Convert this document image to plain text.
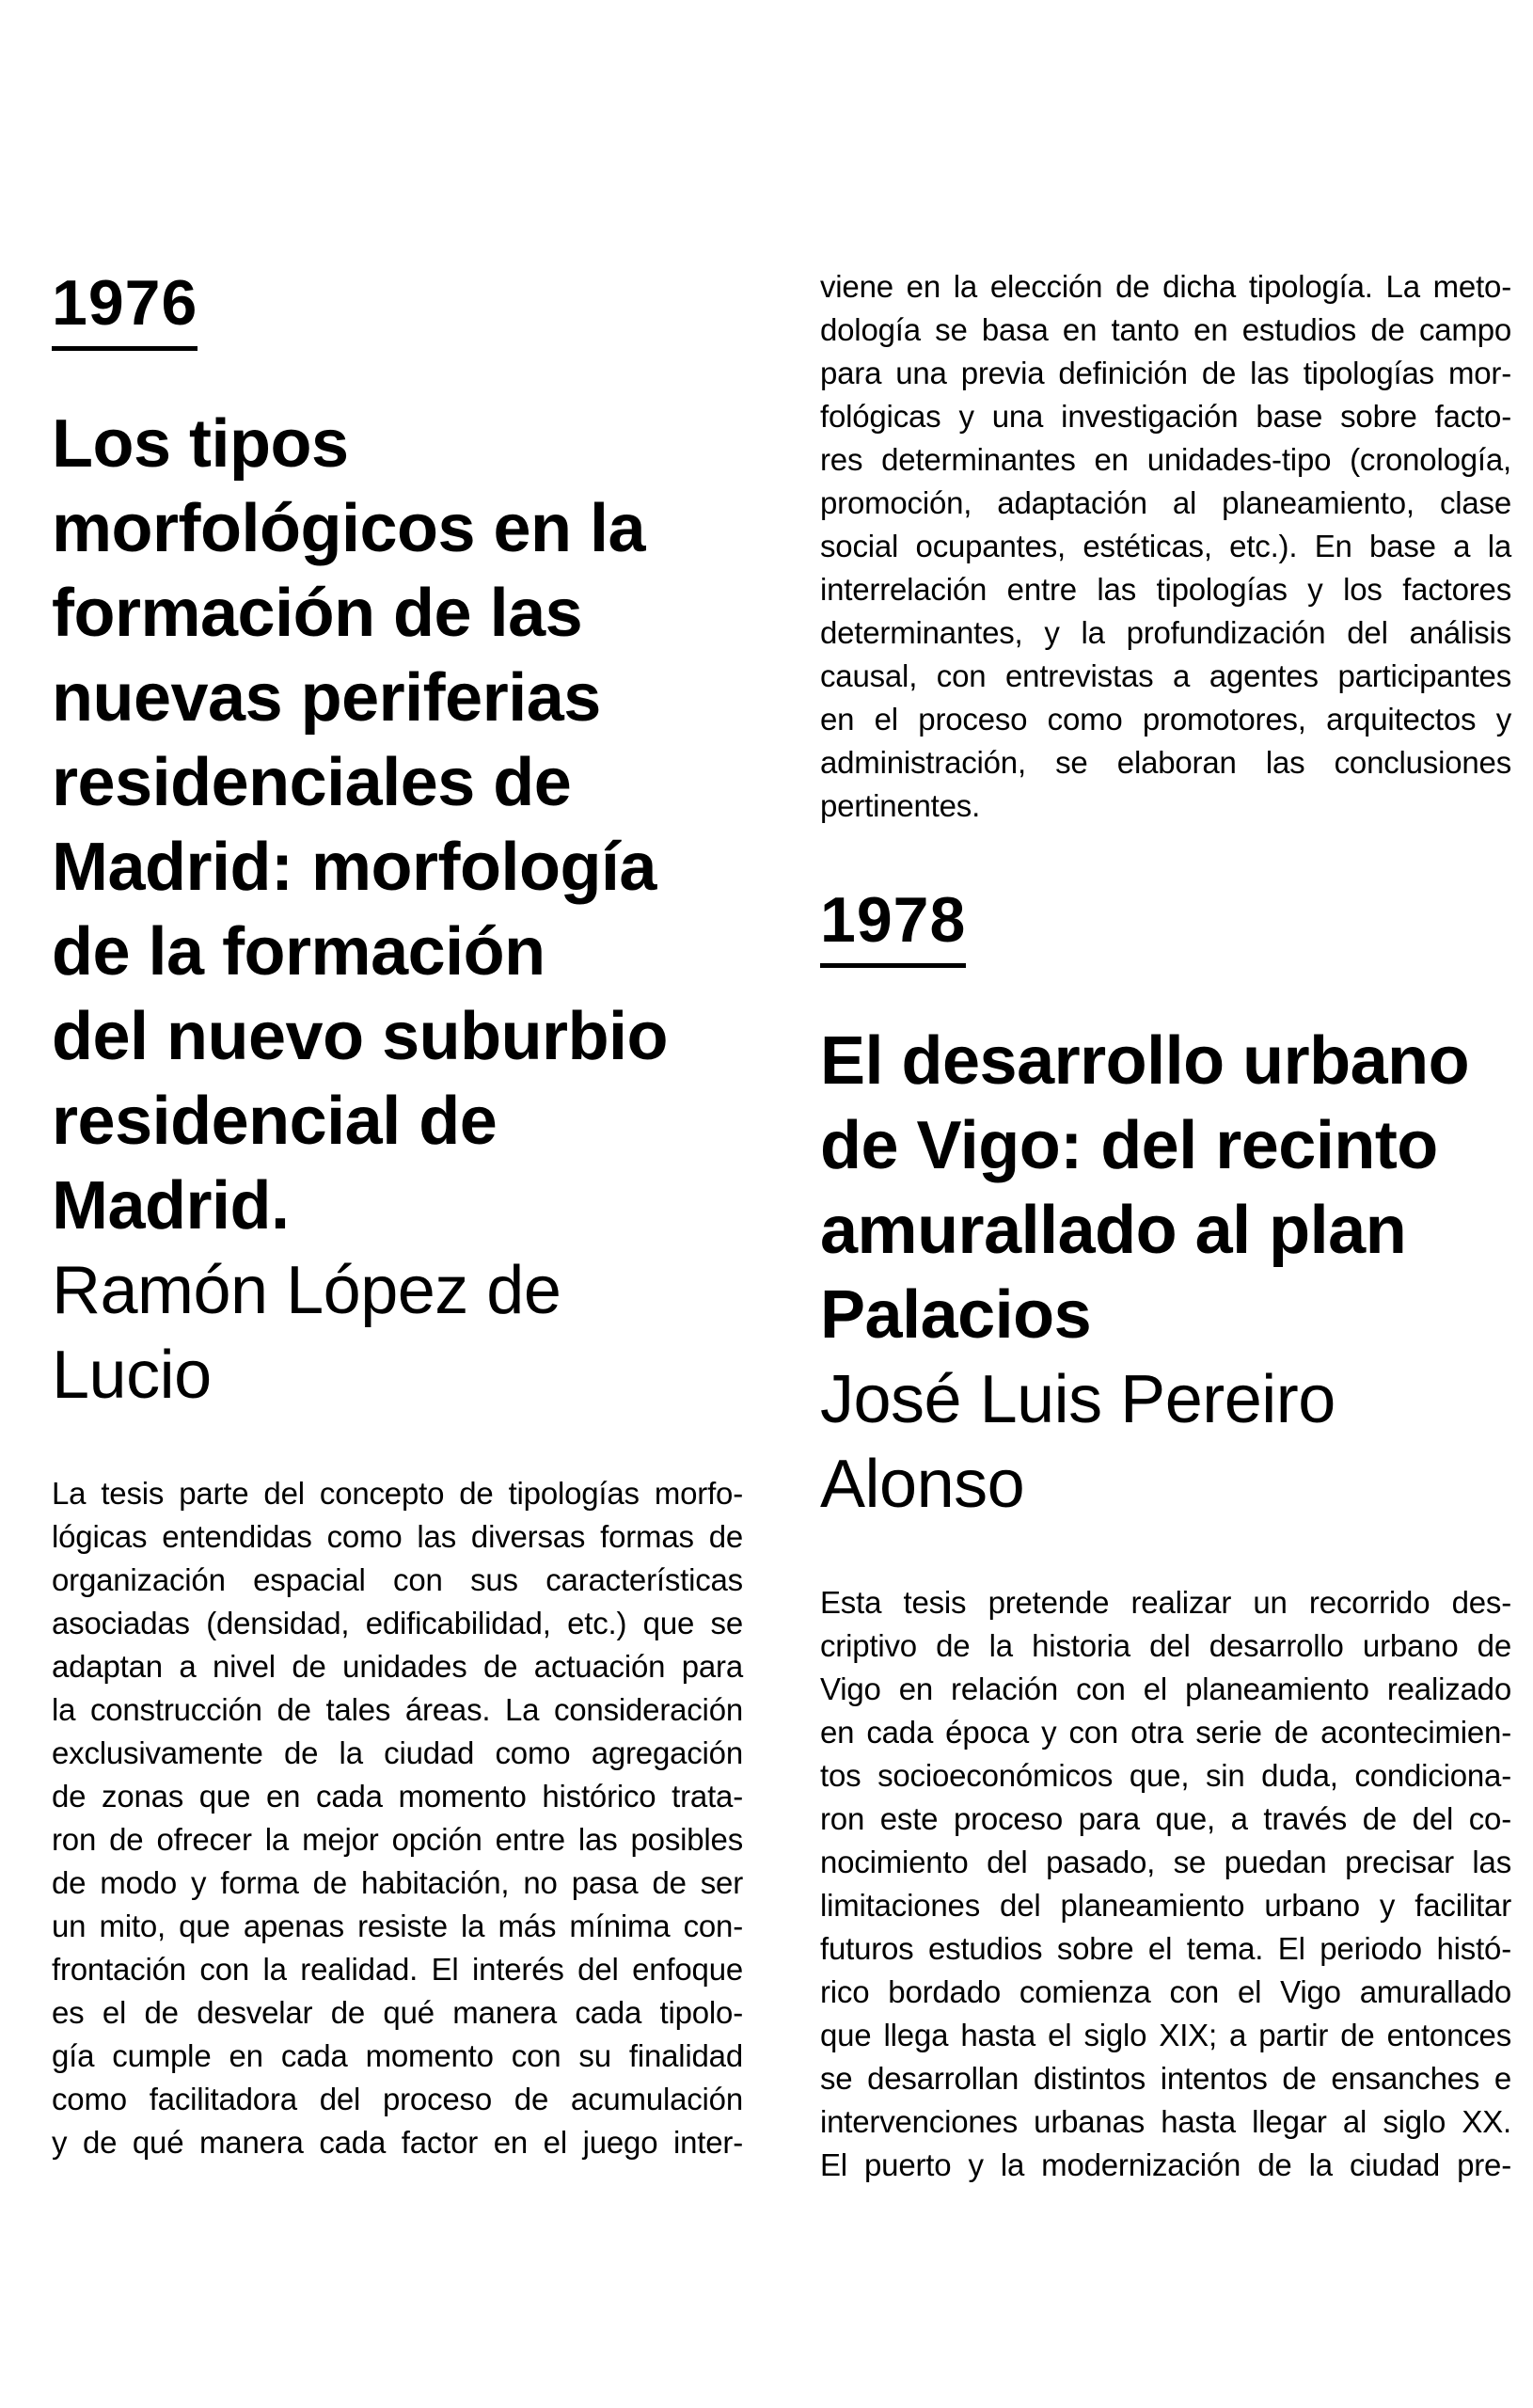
1976
Los tipos
morfológicos en la
formación de las
nuevas periferias
residenciales de
Madrid: morfología
de la formación
del nuevo suburbio
residencial de
Madrid.
Ramón López de
Lucio
La tesis parte del concepto de tipologías morfo-
lógicas entendidas como las diversas formas de
organización espacial con sus características
asociadas (densidad, edificabilidad, etc.) que se
adaptan a nivel de unidades de actuación para
la construcción de tales áreas. La consideración
exclusivamente de la ciudad como agregación
de zonas que en cada momento histórico trata-
ron de ofrecer la mejor opción entre las posibles
de modo y forma de habitación, no pasa de ser
un mito, que apenas resiste la más mínima con-
frontación con la realidad. El interés del enfoque
es el de desvelar de qué manera cada tipolo-
gía cumple en cada momento con su finalidad
como facilitadora del proceso de acumulación
y de qué manera cada factor en el juego inter-
viene en la elección de dicha tipología. La meto-
dología se basa en tanto en estudios de campo
para una previa definición de las tipologías mor-
fológicas y una investigación base sobre facto-
res determinantes en unidades-tipo (cronología,
promoción, adaptación al planeamiento, clase
social ocupantes, estéticas, etc.). En base a la
interrelación entre las tipologías y los factores
determinantes, y la profundización del análisis
causal, con entrevistas a agentes participantes
en el proceso como promotores, arquitectos y
administración, se elaboran las conclusiones
pertinentes.
1978
El desarrollo urbano
de Vigo: del recinto
amurallado al plan
Palacios
José Luis Pereiro
Alonso
Esta tesis pretende realizar un recorrido des-
criptivo de la historia del desarrollo urbano de
Vigo en relación con el planeamiento realizado
en cada época y con otra serie de acontecimien-
tos socioeconómicos que, sin duda, condiciona-
ron este proceso para que, a través de del co-
nocimiento del pasado, se puedan precisar las
limitaciones del planeamiento urbano y facilitar
futuros estudios sobre el tema. El periodo histó-
rico bordado comienza con el Vigo amurallado
que llega hasta el siglo XIX; a partir de entonces
se desarrollan distintos intentos de ensanches e
intervenciones urbanas hasta llegar al siglo XX.
El puerto y la modernización de la ciudad pre-
